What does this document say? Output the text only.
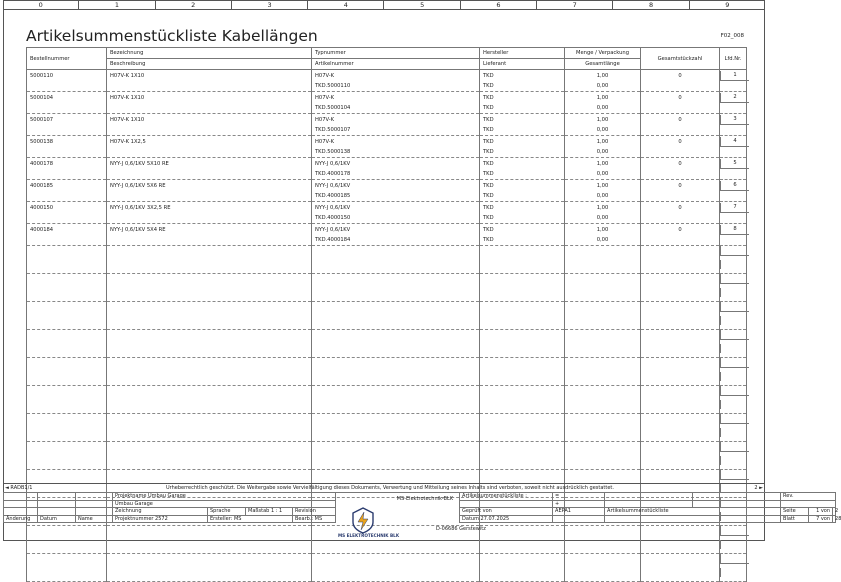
0	1	2	3	4	5	6	7	8	9
Artikelsummenstückliste Kabellängen	F02_008
Bestellnummer	Bezeichnung	Typnummer	Hersteller	Menge / Verpackung	Gesamtstückzahl	Lfd.Nr.
	Beschreibung	Artikelnummer	Lieferant	Gesamtlänge		
5000110	H07V-K 1X10	H07V-K	TKD	1,00	0	1
		TKD.5000110	TKD	0,00		
5000104	H07V-K 1X10	H07V-K	TKD	1,00	0	2
		TKD.5000104	TKD	0,00		
5000107	H07V-K 1X10	H07V-K	TKD	1,00	0	3
		TKD.5000107	TKD	0,00		
5000138	H07V-K 1X2,5	H07V-K	TKD	1,00	0	4
		TKD.5000138	TKD	0,00		
4000178	NYY-J 0,6/1KV 5X10 RE	NYY-J 0,6/1KV	TKD	1,00	0	5
		TKD.4000178	TKD	0,00		
4000185	NYY-J 0,6/1KV 5X6 RE	NYY-J 0,6/1KV	TKD	1,00	0	6
		TKD.4000185	TKD	0,00		
4000150	NYY-J 0,6/1KV 3X2,5 RE	NYY-J 0,6/1KV	TKD	1,00	0	7
		TKD.4000150	TKD	0,00		
4000184	NYY-J 0,6/1KV 5X4 RE	NYY-J 0,6/1KV	TKD	1,00	0	8
		TKD.4000184	TKD	0,00		

◄ RADB1/1	Urheberrechtlich geschützt. Die Weitergabe sowie Vervielfältigung dieses Dokuments, Verwertung und Mitteilung seines Inhalts sind verboten, soweit nicht ausdrücklich gestattet.	2 ►
			Projektname Umbau Garage				MS-Elektrotechnik-BLK	Artikelsummenstückliste :	=			Rev.		
			Umbau Garage						+					
			Zeichnung	Sprache	Maßstab 1 : 1	Revision		Geprüft von	AEPA1	Artikelsummenstückliste		Seite	1 von	2
Änderung	Datum	Name	Projektnummer 2572	Ersteller: MS		Bearb.: MS		Datum 27.07.2025				Blatt	7 von	28
D-06686 Gerstewitz
MS ELEKTROTECHNIK BLK
